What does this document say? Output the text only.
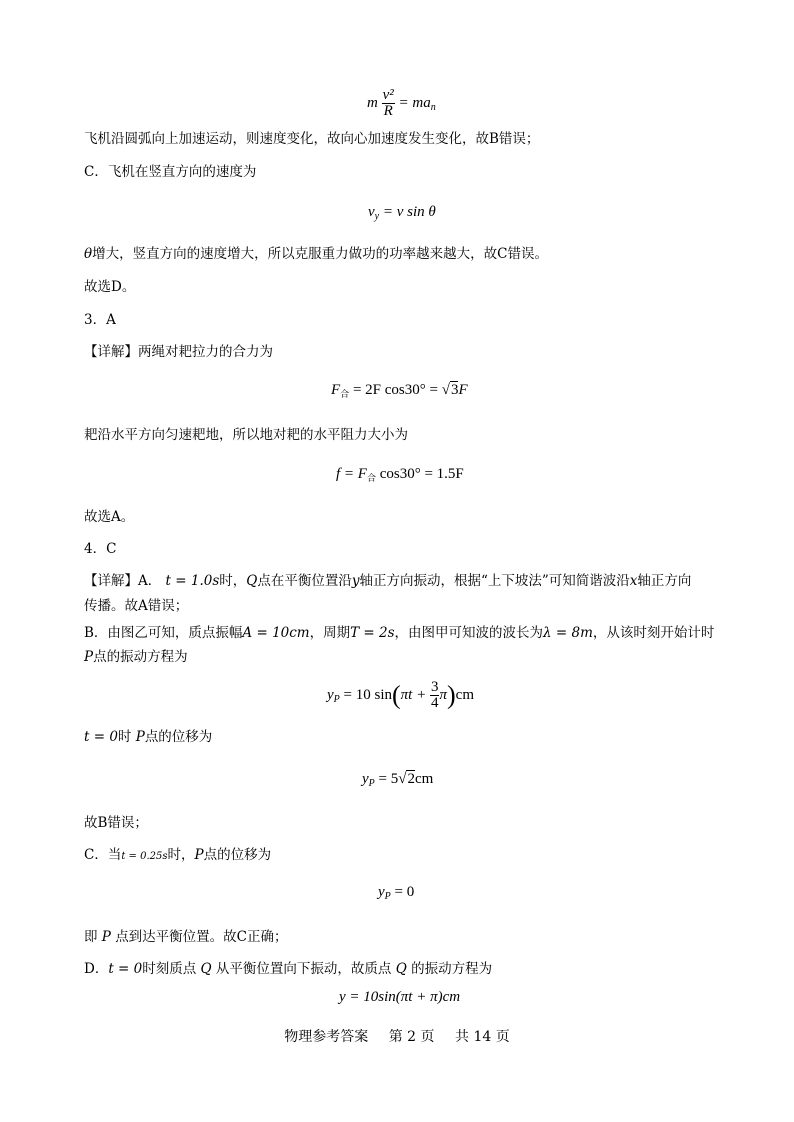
m $\frac{\text{v²}}{R} = ma_n$
飞机沿圆弧向上加速运动，则速度变化，故向心加速度发生变化，故B错误；
C．飞机在竖直方向的速度为
$v_y = v$ sin θ
θ增大，竖直方向的速度增大，所以克服重力做功的功率越来越大，故C错误。
故选D。
3．A
【详解】两绳对耙拉力的合力为
$F_合 = 2F$ cos30° = √3F
耙沿水平方向匀速耙地，所以地对耙的水平阻力大小为
$f = F_合$ cos30° = 1.5F
故选A。
4．C
【详解】A． t = 1.0s时，Q点在平衡位置沿y轴正方向振动，根据“上下坡法”可知简谐波沿x轴正方向
传播。故A错误；
B．由图乙可知，质点振幅A = 10cm，周期T = 2s，由图甲可知波的波长为λ = 8m，从该时刻开始计时
P点的振动方程为
$y_P = 10$ $\sin(\pi t + \frac{3}{4} \pi)cm$
t = 0时 P点的位移为
$y_P = 5√2cm$
故B错误；
C．当t = 0.25s时，P点的位移为
$y_P = 0$
即 P 点到达平衡位置。故C正确；
D．t = 0时刻质点 Q 从平衡位置向下振动，故质点 Q 的振动方程为
y = 10sin(πt + π)cm
物理参考答案 第 2 页 共 14 页
